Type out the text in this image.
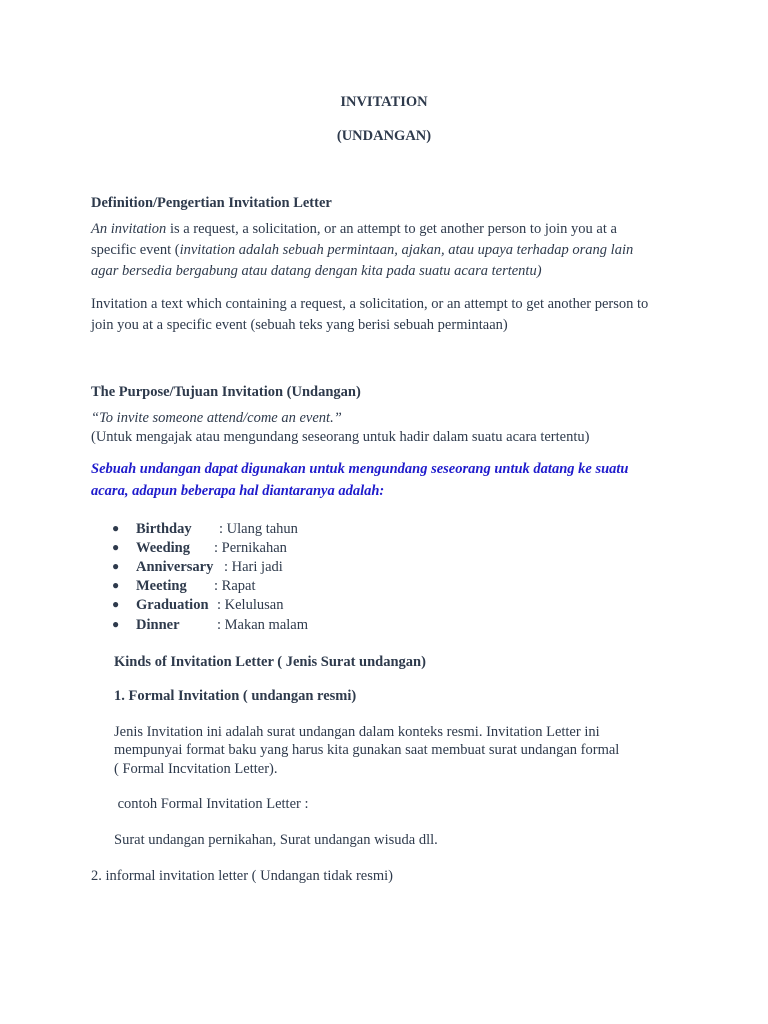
INVITATION
(UNDANGAN)
Definition/Pengertian Invitation Letter
An invitation is a request, a solicitation, or an attempt to get another person to join you at a
specific event (invitation adalah sebuah permintaan, ajakan, atau upaya terhadap orang lain
agar bersedia bergabung atau datang dengan kita pada suatu acara tertentu)
Invitation a text which containing a request, a solicitation, or an attempt to get another person to
join you at a specific event (sebuah teks yang berisi sebuah permintaan)
The Purpose/Tujuan Invitation (Undangan)
“To invite someone attend/come an event.”
(Untuk mengajak atau mengundang seseorang untuk hadir dalam suatu acara tertentu)
Sebuah undangan dapat digunakan untuk mengundang seseorang untuk datang ke suatu
acara, adapun beberapa hal diantaranya adalah:
● Birthday : Ulang tahun
● Weeding : Pernikahan
● Anniversary : Hari jadi
● Meeting : Rapat
● Graduation : Kelulusan
● Dinner	: Makan malam
Kinds of Invitation Letter ( Jenis Surat undangan)
1. Formal Invitation ( undangan resmi)
Jenis Invitation ini adalah surat undangan dalam konteks resmi. Invitation Letter ini
mempunyai format baku yang harus kita gunakan saat membuat surat undangan formal
( Formal Incvitation Letter).
contoh Formal Invitation Letter :
Surat undangan pernikahan, Surat undangan wisuda dll.
2. informal invitation letter ( Undangan tidak resmi)
